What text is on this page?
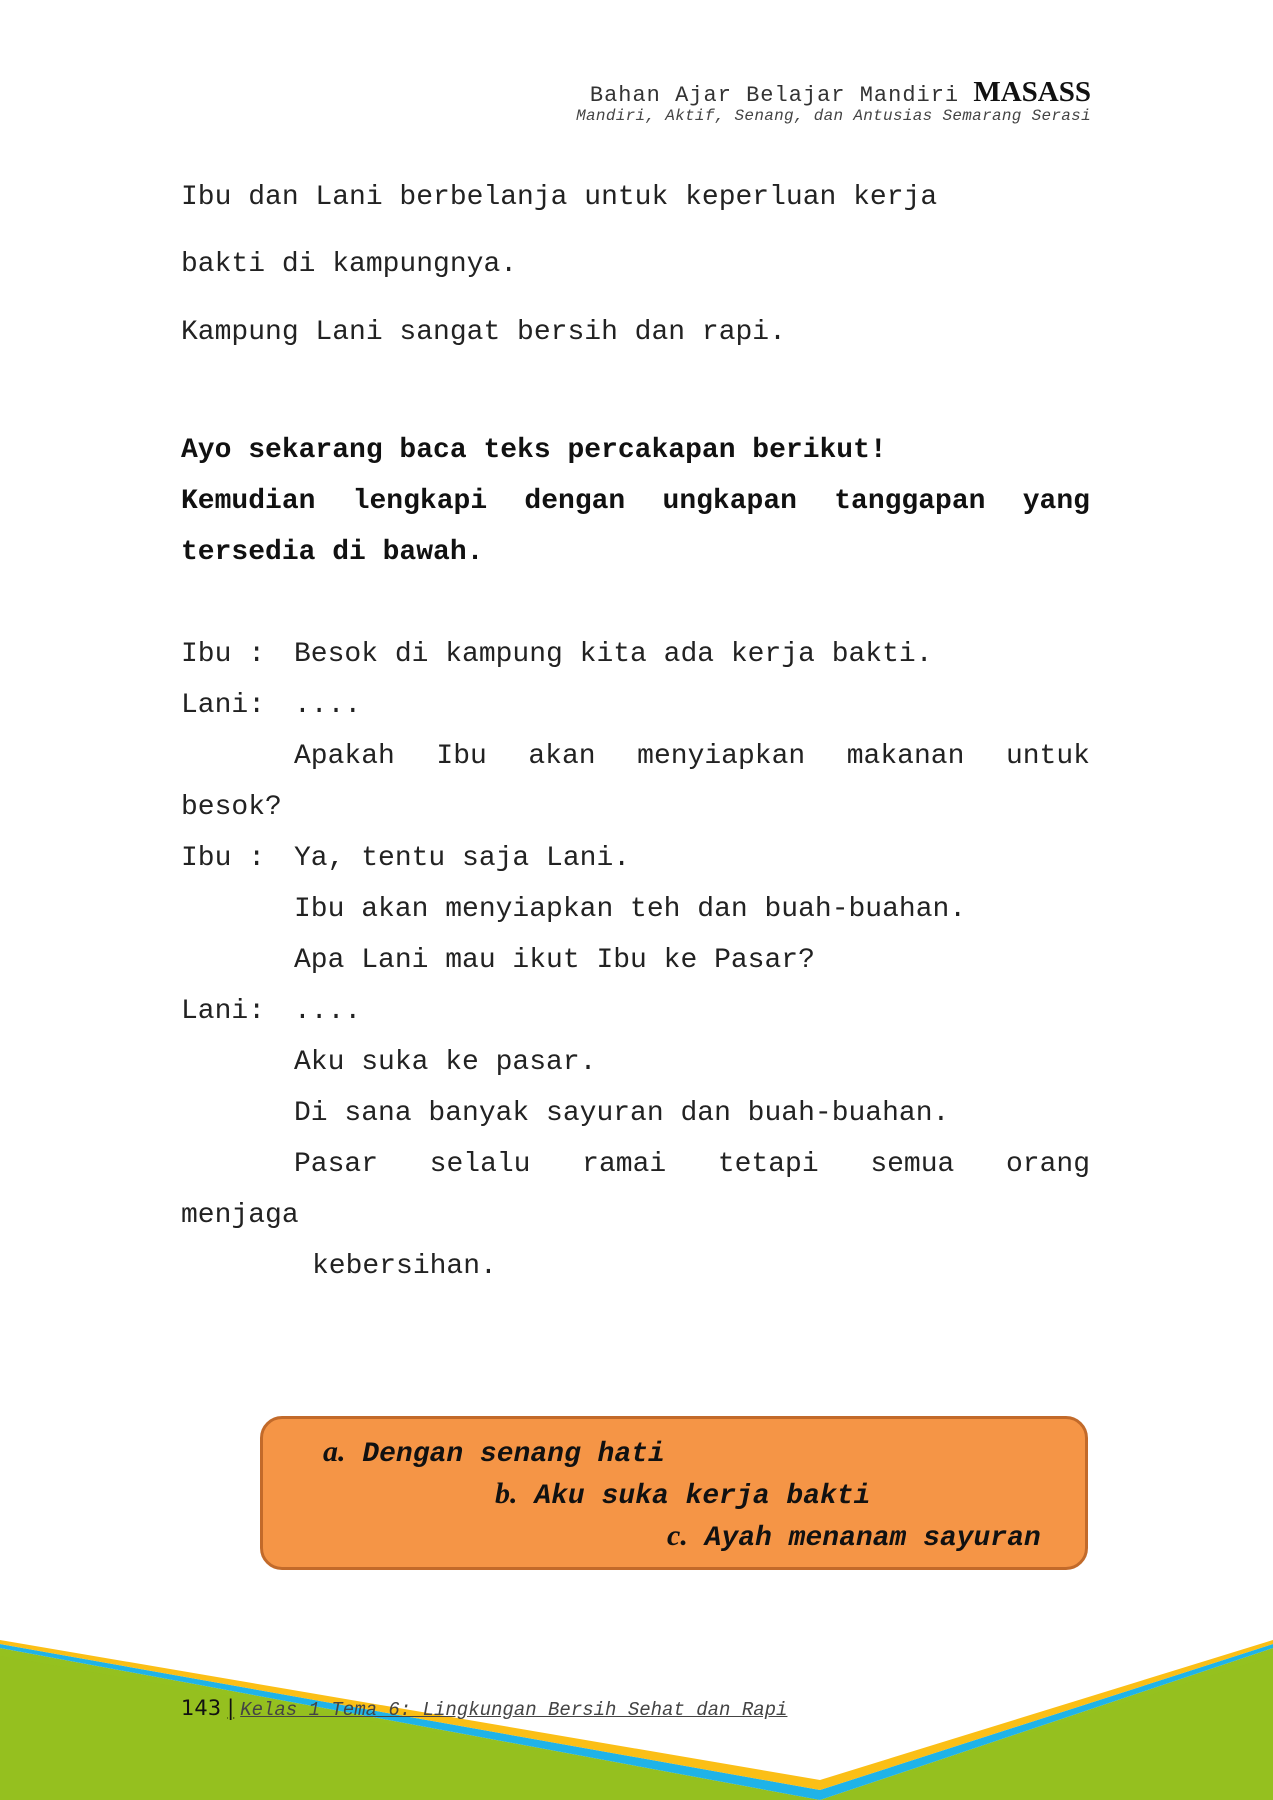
Bahan Ajar Belajar Mandiri MASASS
Mandiri, Aktif, Senang, dan Antusias Semarang Serasi
Ibu dan Lani berbelanja untuk keperluan kerja
bakti di kampungnya.
Kampung Lani sangat bersih dan rapi.
Ayo sekarang baca teks percakapan berikut!
Kemudian lengkapi dengan ungkapan tanggapan yang
tersedia di bawah.
Ibu : Besok di kampung kita ada kerja bakti.
Lani: ....
Apakah Ibu akan menyiapkan makanan untuk
besok?
Ibu : Ya, tentu saja Lani.
Ibu akan menyiapkan teh dan buah-buahan.
Apa Lani mau ikut Ibu ke Pasar?
Lani: ....
Aku suka ke pasar.
Di sana banyak sayuran dan buah-buahan.
Pasar selalu ramai tetapi semua orang
menjaga
kebersihan.
a. Dengan senang hati
b. Aku suka kerja bakti
c. Ayah menanam sayuran
143 | Kelas 1 Tema 6: Lingkungan Bersih Sehat dan Rapi
